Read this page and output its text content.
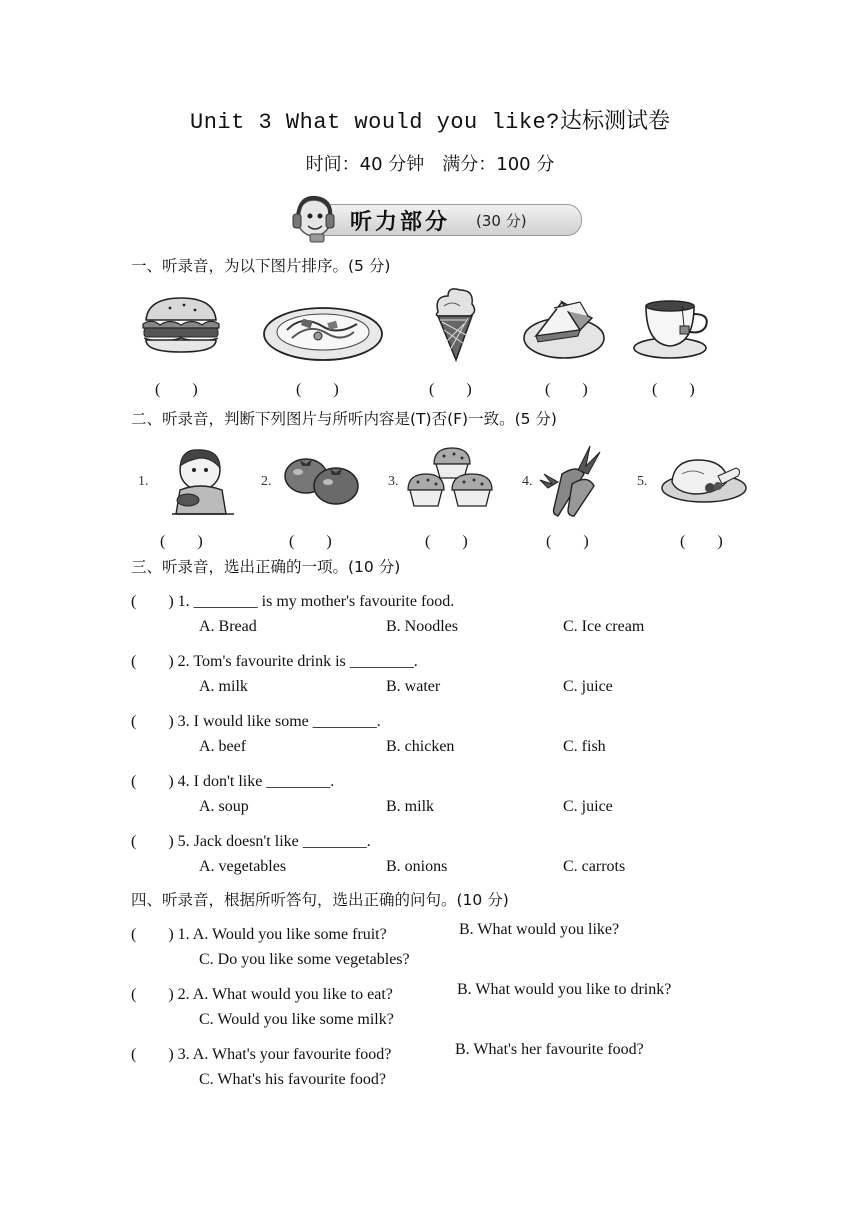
Unit 3 What would you like?达标测试卷
时间：40 分钟　满分：100 分
听力部分 (30 分)
一、听录音，为以下图片排序。(5 分)
(　　)	(　　)	(　　)	(　　)	(　　)
二、听录音，判断下列图片与所听内容是(T)否(F)一致。(5 分)
1.	2.	3.	4.	5.
(　　)	(　　)	(　　)	(　　)	(　　)
三、听录音，选出正确的一项。(10 分)
(　　) 1. ________ is my mother's favourite food.
A. Bread	B. Noodles	C. Ice cream
(　　) 2. Tom's favourite drink is ________.
A. milk	B. water	C. juice
(　　) 3. I would like some ________.
A. beef	B. chicken	C. fish
(　　) 4. I don't like ________.
A. soup	B. milk	C. juice
(　　) 5. Jack doesn't like ________.
A. vegetables	B. onions	C. carrots
四、听录音，根据所听答句，选出正确的问句。(10 分)
(　　) 1. A. Would you like some fruit?	B. What would you like?
C. Do you like some vegetables?
(　　) 2. A. What would you like to eat?	B. What would you like to drink?
C. Would you like some milk?
(　　) 3. A. What's your favourite food?	B. What's her favourite food?
C. What's his favourite food?
